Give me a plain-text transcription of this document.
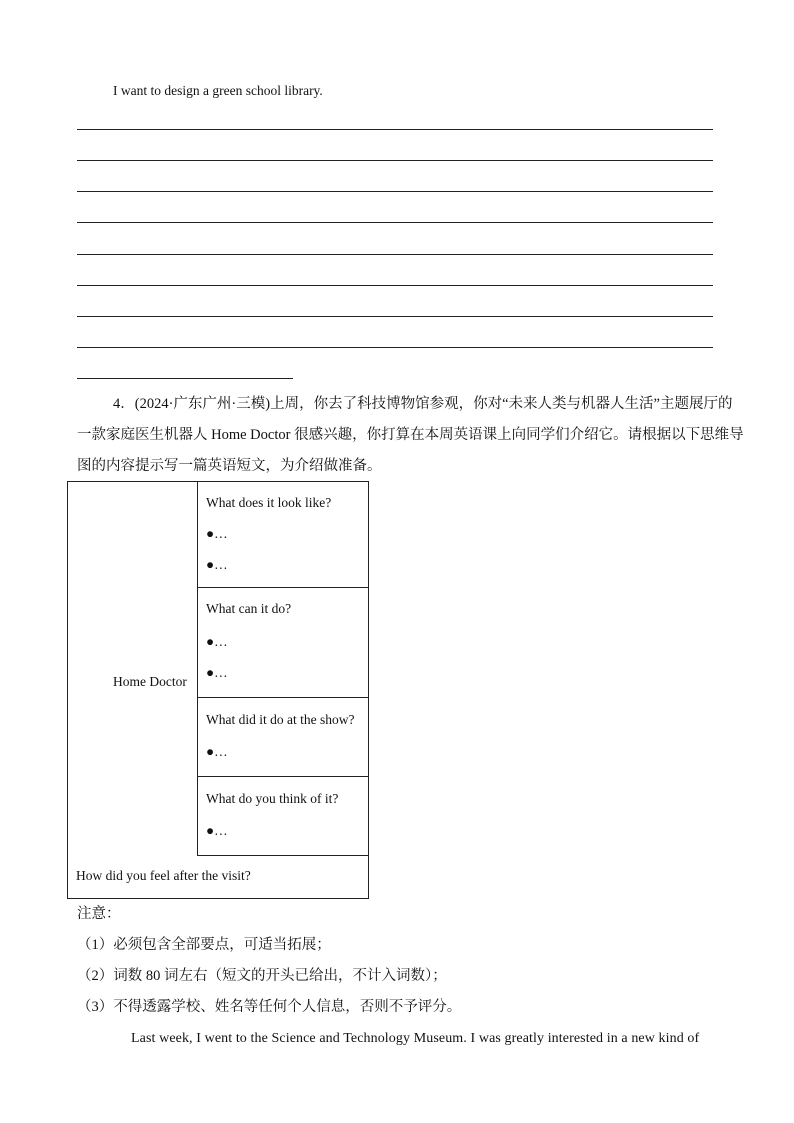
I want to design a green school library.
4．(2024·广东广州·三模)上周，你去了科技博物馆参观，你对“未来人类与机器人生活”主题展厅的
一款家庭医生机器人 Home Doctor 很感兴趣，你打算在本周英语课上向同学们介绍它。请根据以下思维导
图的内容提示写一篇英语短文，为介绍做准备。
Home Doctor
What does it look like?
●…
●…
What can it do?
●…
●…
What did it do at the show?
●…
What do you think of it?
●…
How did you feel after the visit?
注意：
（1）必须包含全部要点，可适当拓展；
（2）词数 80 词左右（短文的开头已给出，不计入词数）；
（3）不得透露学校、姓名等任何个人信息，否则不予评分。
Last week, I went to the Science and Technology Museum. I was greatly interested in a new kind of
